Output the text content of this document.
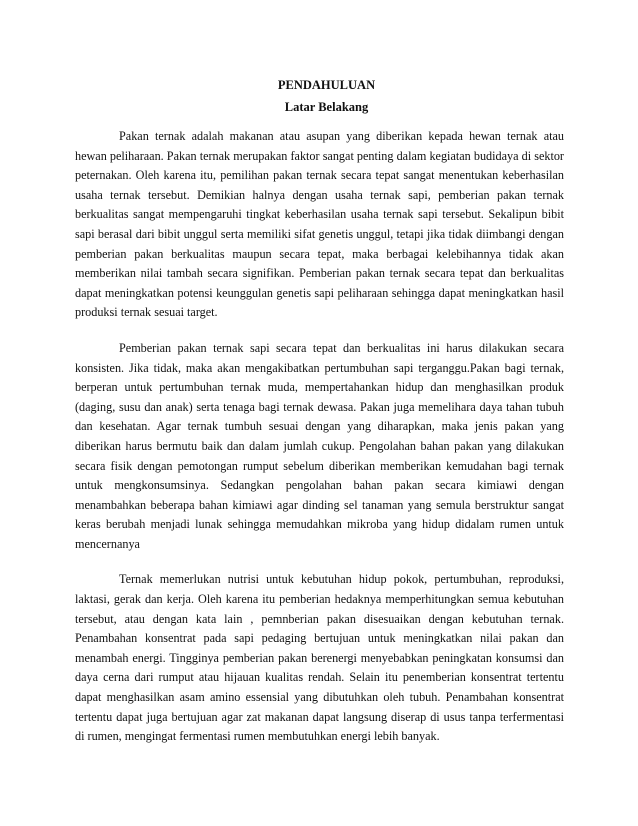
PENDAHULUAN
Latar Belakang

Pakan ternak adalah makanan atau asupan yang diberikan kepada hewan ternak atau hewan peliharaan. Pakan ternak merupakan faktor sangat penting dalam kegiatan budidaya di sektor peternakan. Oleh karena itu, pemilihan pakan ternak secara tepat sangat menentukan keberhasilan usaha ternak tersebut. Demikian halnya dengan usaha ternak sapi, pemberian pakan ternak berkualitas sangat mempengaruhi tingkat keberhasilan usaha ternak sapi tersebut. Sekalipun bibit sapi berasal dari bibit unggul serta memiliki sifat genetis unggul, tetapi jika tidak diimbangi dengan pemberian pakan berkualitas maupun secara tepat, maka berbagai kelebihannya tidak akan memberikan nilai tambah secara signifikan. Pemberian pakan ternak secara tepat dan berkualitas dapat meningkatkan potensi keunggulan genetis sapi peliharaan sehingga dapat meningkatkan hasil produksi ternak sesuai target.

Pemberian pakan ternak sapi secara tepat dan berkualitas ini harus dilakukan secara konsisten. Jika tidak, maka akan mengakibatkan pertumbuhan sapi terganggu.Pakan bagi ternak, berperan untuk pertumbuhan ternak muda, mempertahankan hidup dan menghasilkan produk (daging, susu dan anak) serta tenaga bagi ternak dewasa. Pakan juga memelihara daya tahan tubuh dan kesehatan. Agar ternak tumbuh sesuai dengan yang diharapkan, maka jenis pakan yang diberikan harus bermutu baik dan dalam jumlah cukup. Pengolahan bahan pakan yang dilakukan secara fisik dengan pemotongan rumput sebelum diberikan memberikan kemudahan bagi ternak untuk mengkonsumsinya. Sedangkan pengolahan bahan pakan secara kimiawi dengan menambahkan beberapa bahan kimiawi agar dinding sel tanaman yang semula berstruktur sangat keras berubah menjadi lunak sehingga memudahkan mikroba yang hidup didalam rumen untuk mencernanya

Ternak memerlukan nutrisi untuk kebutuhan hidup pokok, pertumbuhan, reproduksi, laktasi, gerak dan kerja. Oleh karena itu pemberian hedaknya memperhitungkan semua kebutuhan tersebut, atau dengan kata lain , pemnberian pakan disesuaikan dengan kebutuhan ternak. Penambahan konsentrat pada sapi pedaging bertujuan untuk meningkatkan nilai pakan dan menambah energi. Tingginya pemberian pakan berenergi menyebabkan peningkatan konsumsi dan daya cerna dari rumput atau hijauan kualitas rendah. Selain itu penemberian konsentrat tertentu dapat menghasilkan asam amino essensial yang dibutuhkan oleh tubuh. Penambahan konsentrat tertentu dapat juga bertujuan agar zat makanan dapat langsung diserap di usus tanpa terfermentasi di rumen, mengingat fermentasi rumen membutuhkan energi lebih banyak.
